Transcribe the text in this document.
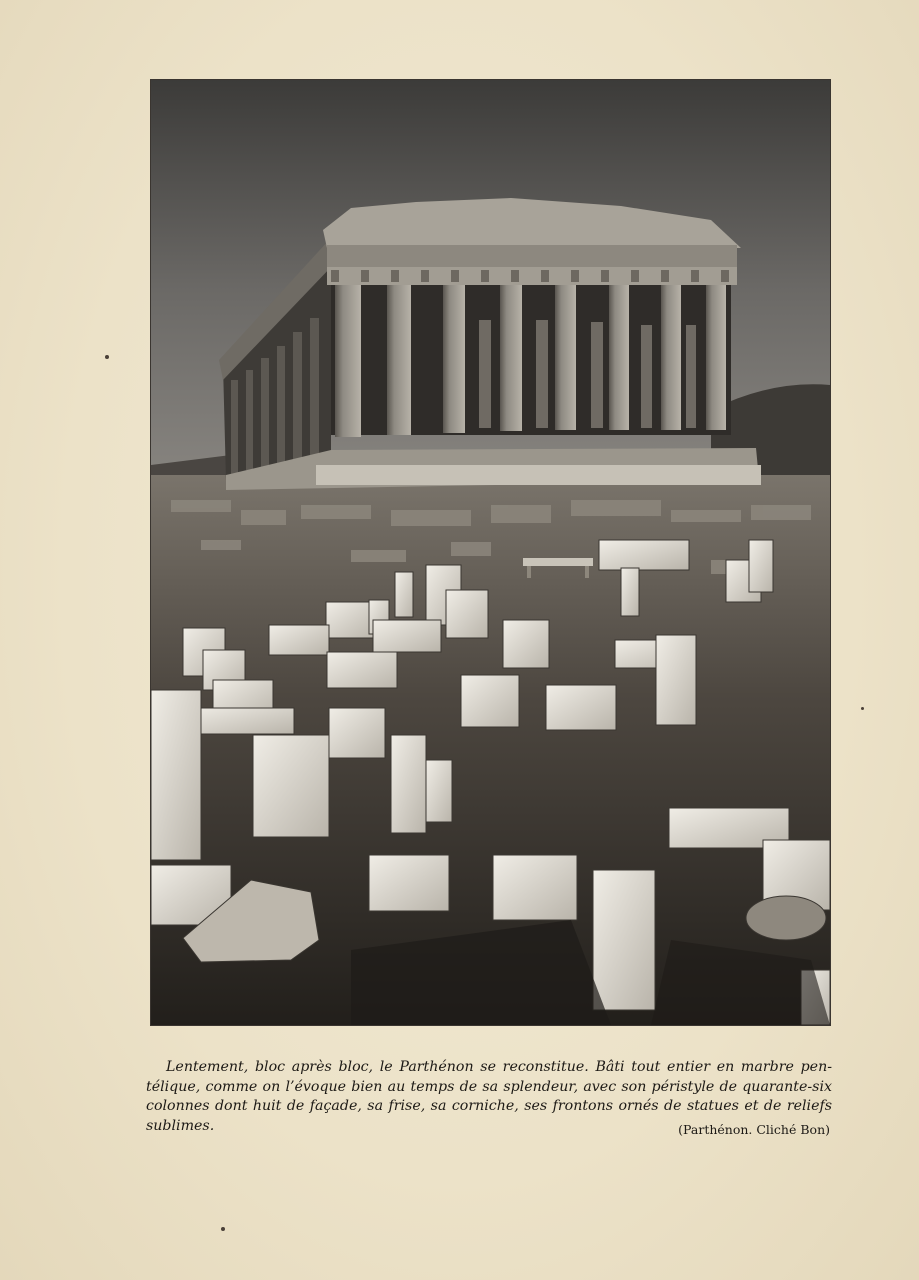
Lentement, bloc après bloc, le Parthénon se reconstitue. Bâti tout entier en marbre pen-
télique, comme on l’évoque bien au temps de sa splendeur, avec son péristyle de quarante-six
colonnes dont huit de façade, sa frise, sa corniche, ses frontons ornés de statues et de reliefs
sublimes.	(Parthénon. Cliché Bon)
